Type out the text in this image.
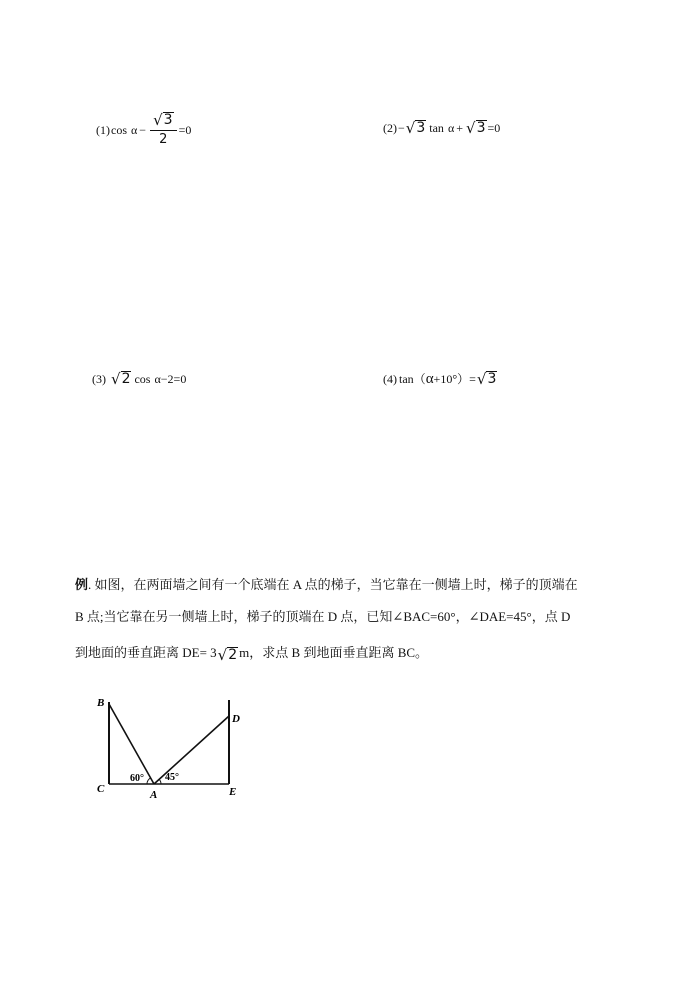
(1) $\cos \alpha - \frac{√ 3}{2} =0$	(2) − √ 3 tan α + √ 3 =0
(3) √ 2 cos α −2=0	(4) tan （ α +10° ） = √ 3
例. 如图，在两面墙之间有一个底端在 A 点的梯子，当它靠在一侧墙上时，梯子的顶端在
B 点;当它靠在另一侧墙上时，梯子的顶端在 D 点，已知∠BAC=60°，∠DAE=45°，点 D
到地面的垂直距离 DE= 3 √ 2 m，求点 B 到地面垂直距离 BC。
B
C	A
D
E
60° 45°
